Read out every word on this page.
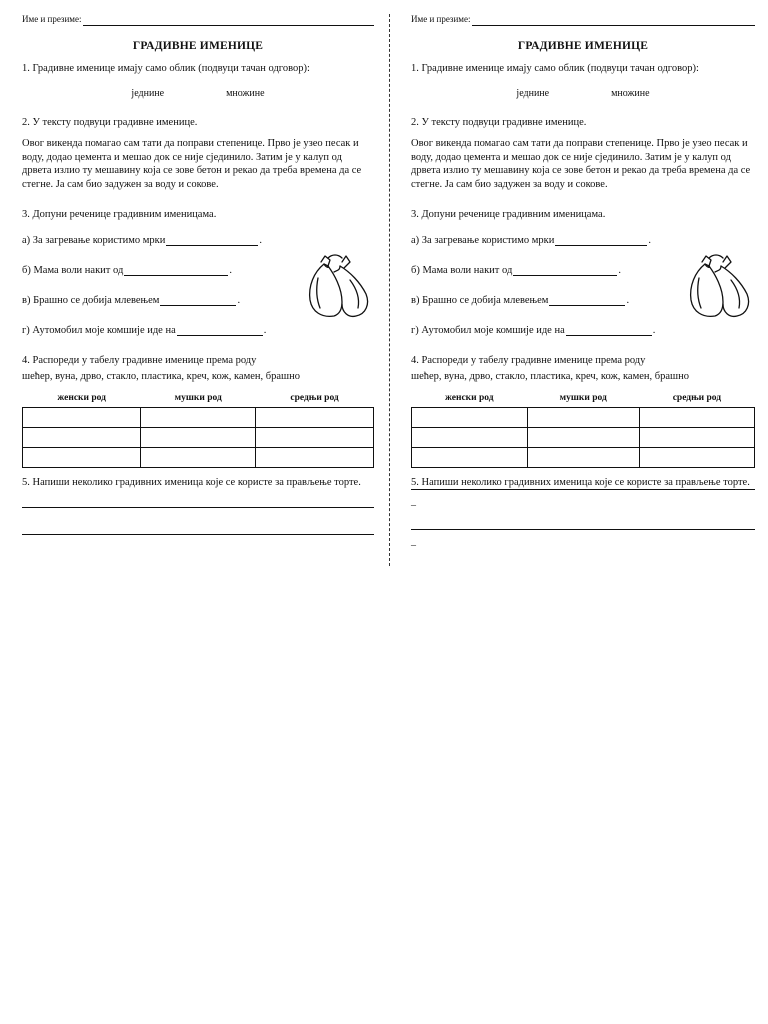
Име и презиме:
ГРАДИВНЕ ИМЕНИЦЕ
1. Градивне именице имају само облик (подвуци тачан одговор):
једнине	множине
2. У тексту подвуци градивне именице.
Овог викенда помагао сам тати да поправи степенице. Прво је узео песак и воду, додао цемента и мешао док се није сјединило. Затим је у калуп од дрвета излио ту мешавину која се зове бетон и рекао да треба времена да се стегне. Ја сам био задужен за воду и сокове.
3. Допуни реченице градивним именицама.
а) За загревање користимо мрки	.
б) Мама воли накит од	.
в) Брашно се добија млевењем	.
г) Аутомобил моје комшије иде на	.
4. Распореди у табелу градивне именице према роду
шећер, вуна, дрво, стакло, пластика, креч, кож, камен, брашно
женски род	мушки род	средњи род

5. Напиши неколико градивних именица које се користе за прављење торте.
Име и презиме:
ГРАДИВНЕ ИМЕНИЦЕ
1. Градивне именице имају само облик (подвуци тачан одговор):
једнине	множине
2. У тексту подвуци градивне именице.
Овог викенда помагао сам тати да поправи степенице. Прво је узео песак и воду, додао цемента и мешао док се није сјединило. Затим је у калуп од дрвета излио ту мешавину која се зове бетон и рекао да треба времена да се стегне. Ја сам био задужен за воду и сокове.
3. Допуни реченице градивним именицама.
а) За загревање користимо мрки	.
б) Мама воли накит од	.
в) Брашно се добија млевењем	.
г) Аутомобил моје комшије иде на	.
4. Распореди у табелу градивне именице према роду
шећер, вуна, дрво, стакло, пластика, креч, кож, камен, брашно
женски род	мушки род	средњи род

5. Напиши неколико градивних именица које се користе за прављење торте.
_
_
